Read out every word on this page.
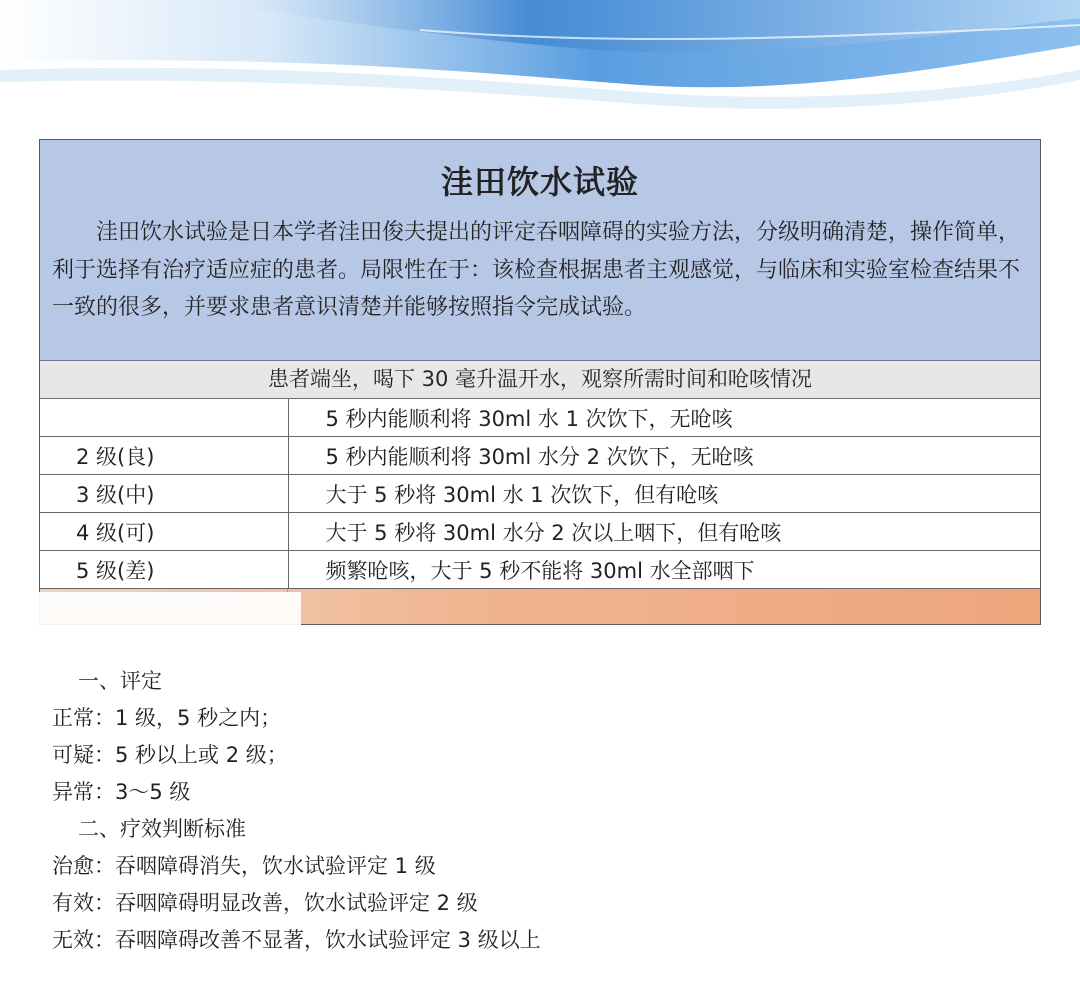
洼田饮水试验
洼田饮水试验是日本学者洼田俊夫提出的评定吞咽障碍的实验方法，分级明确清楚，操作简单，利于选择有治疗适应症的患者。局限性在于：该检查根据患者主观感觉，与临床和实验室检查结果不一致的很多，并要求患者意识清楚并能够按照指令完成试验。
患者端坐，喝下 30 毫升温开水，观察所需时间和呛咳情况
	5 秒内能顺利将 30ml 水 1 次饮下，无呛咳
2 级(良)	5 秒内能顺利将 30ml 水分 2 次饮下，无呛咳
3 级(中)	大于 5 秒将 30ml 水 1 次饮下，但有呛咳
4 级(可)	大于 5 秒将 30ml 水分 2 次以上咽下，但有呛咳
5 级(差)	频繁呛咳，大于 5 秒不能将 30ml 水全部咽下
一、评定
正常：1 级，5 秒之内；
可疑：5 秒以上或 2 级；
异常：3～5 级
二、疗效判断标准
治愈：吞咽障碍消失，饮水试验评定 1 级
有效：吞咽障碍明显改善，饮水试验评定 2 级
无效：吞咽障碍改善不显著，饮水试验评定 3 级以上
